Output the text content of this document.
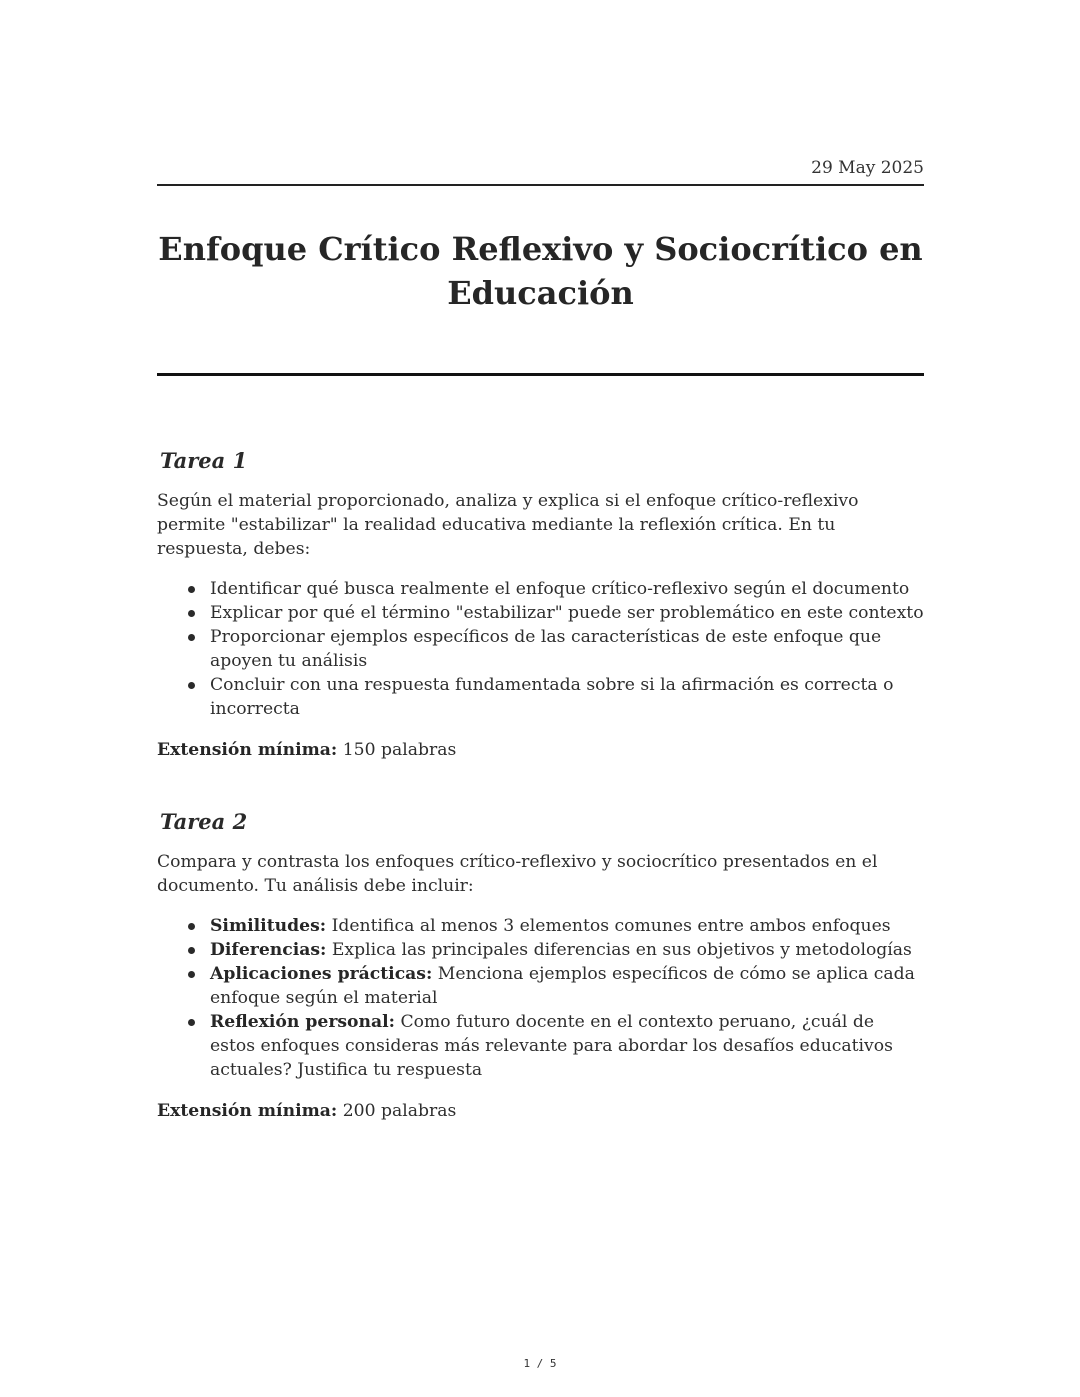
29 May 2025
Enfoque Crítico Reflexivo y Sociocrítico en
Educación
Tarea 1

Según el material proporcionado, analiza y explica si el enfoque crítico-reflexivo permite "estabilizar" la realidad educativa mediante la reflexión crítica. En tu respuesta, debes:

Identificar qué busca realmente el enfoque crítico-reflexivo según el documento
Explicar por qué el término "estabilizar" puede ser problemático en este contexto
Proporcionar ejemplos específicos de las características de este enfoque que apoyen tu análisis
Concluir con una respuesta fundamentada sobre si la afirmación es correcta o incorrecta

Extensión mínima: 150 palabras

Tarea 2

Compara y contrasta los enfoques crítico-reflexivo y sociocrítico presentados en el documento. Tu análisis debe incluir:

Similitudes: Identifica al menos 3 elementos comunes entre ambos enfoques
Diferencias: Explica las principales diferencias en sus objetivos y metodologías
Aplicaciones prácticas: Menciona ejemplos específicos de cómo se aplica cada enfoque según el material
Reflexión personal: Como futuro docente en el contexto peruano, ¿cuál de estos enfoques consideras más relevante para abordar los desafíos educativos actuales? Justifica tu respuesta

Extensión mínima: 200 palabras

1 / 5
